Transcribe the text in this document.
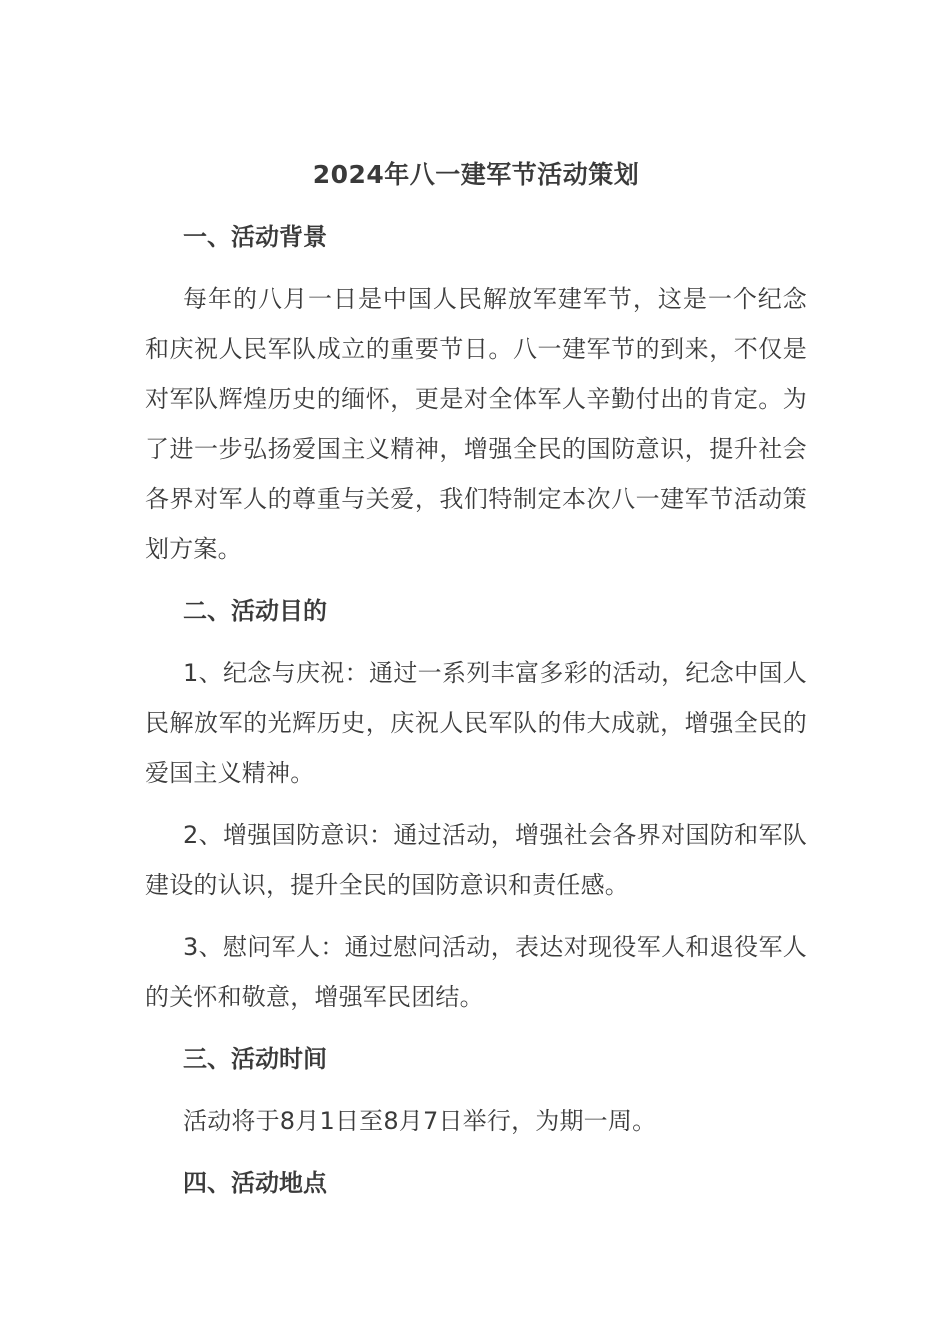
2024年八一建军节活动策划
一、活动背景

每年的八月一日是中国人民解放军建军节，这是一个纪念和庆祝人民军队成立的重要节日。八一建军节的到来，不仅是对军队辉煌历史的缅怀，更是对全体军人辛勤付出的肯定。为了进一步弘扬爱国主义精神，增强全民的国防意识，提升社会各界对军人的尊重与关爱，我们特制定本次八一建军节活动策划方案。

二、活动目的

1、纪念与庆祝：通过一系列丰富多彩的活动，纪念中国人民解放军的光辉历史，庆祝人民军队的伟大成就，增强全民的爱国主义精神。

2、增强国防意识：通过活动，增强社会各界对国防和军队建设的认识，提升全民的国防意识和责任感。

3、慰问军人：通过慰问活动，表达对现役军人和退役军人的关怀和敬意，增强军民团结。

三、活动时间

活动将于8月1日至8月7日举行，为期一周。

四、活动地点
